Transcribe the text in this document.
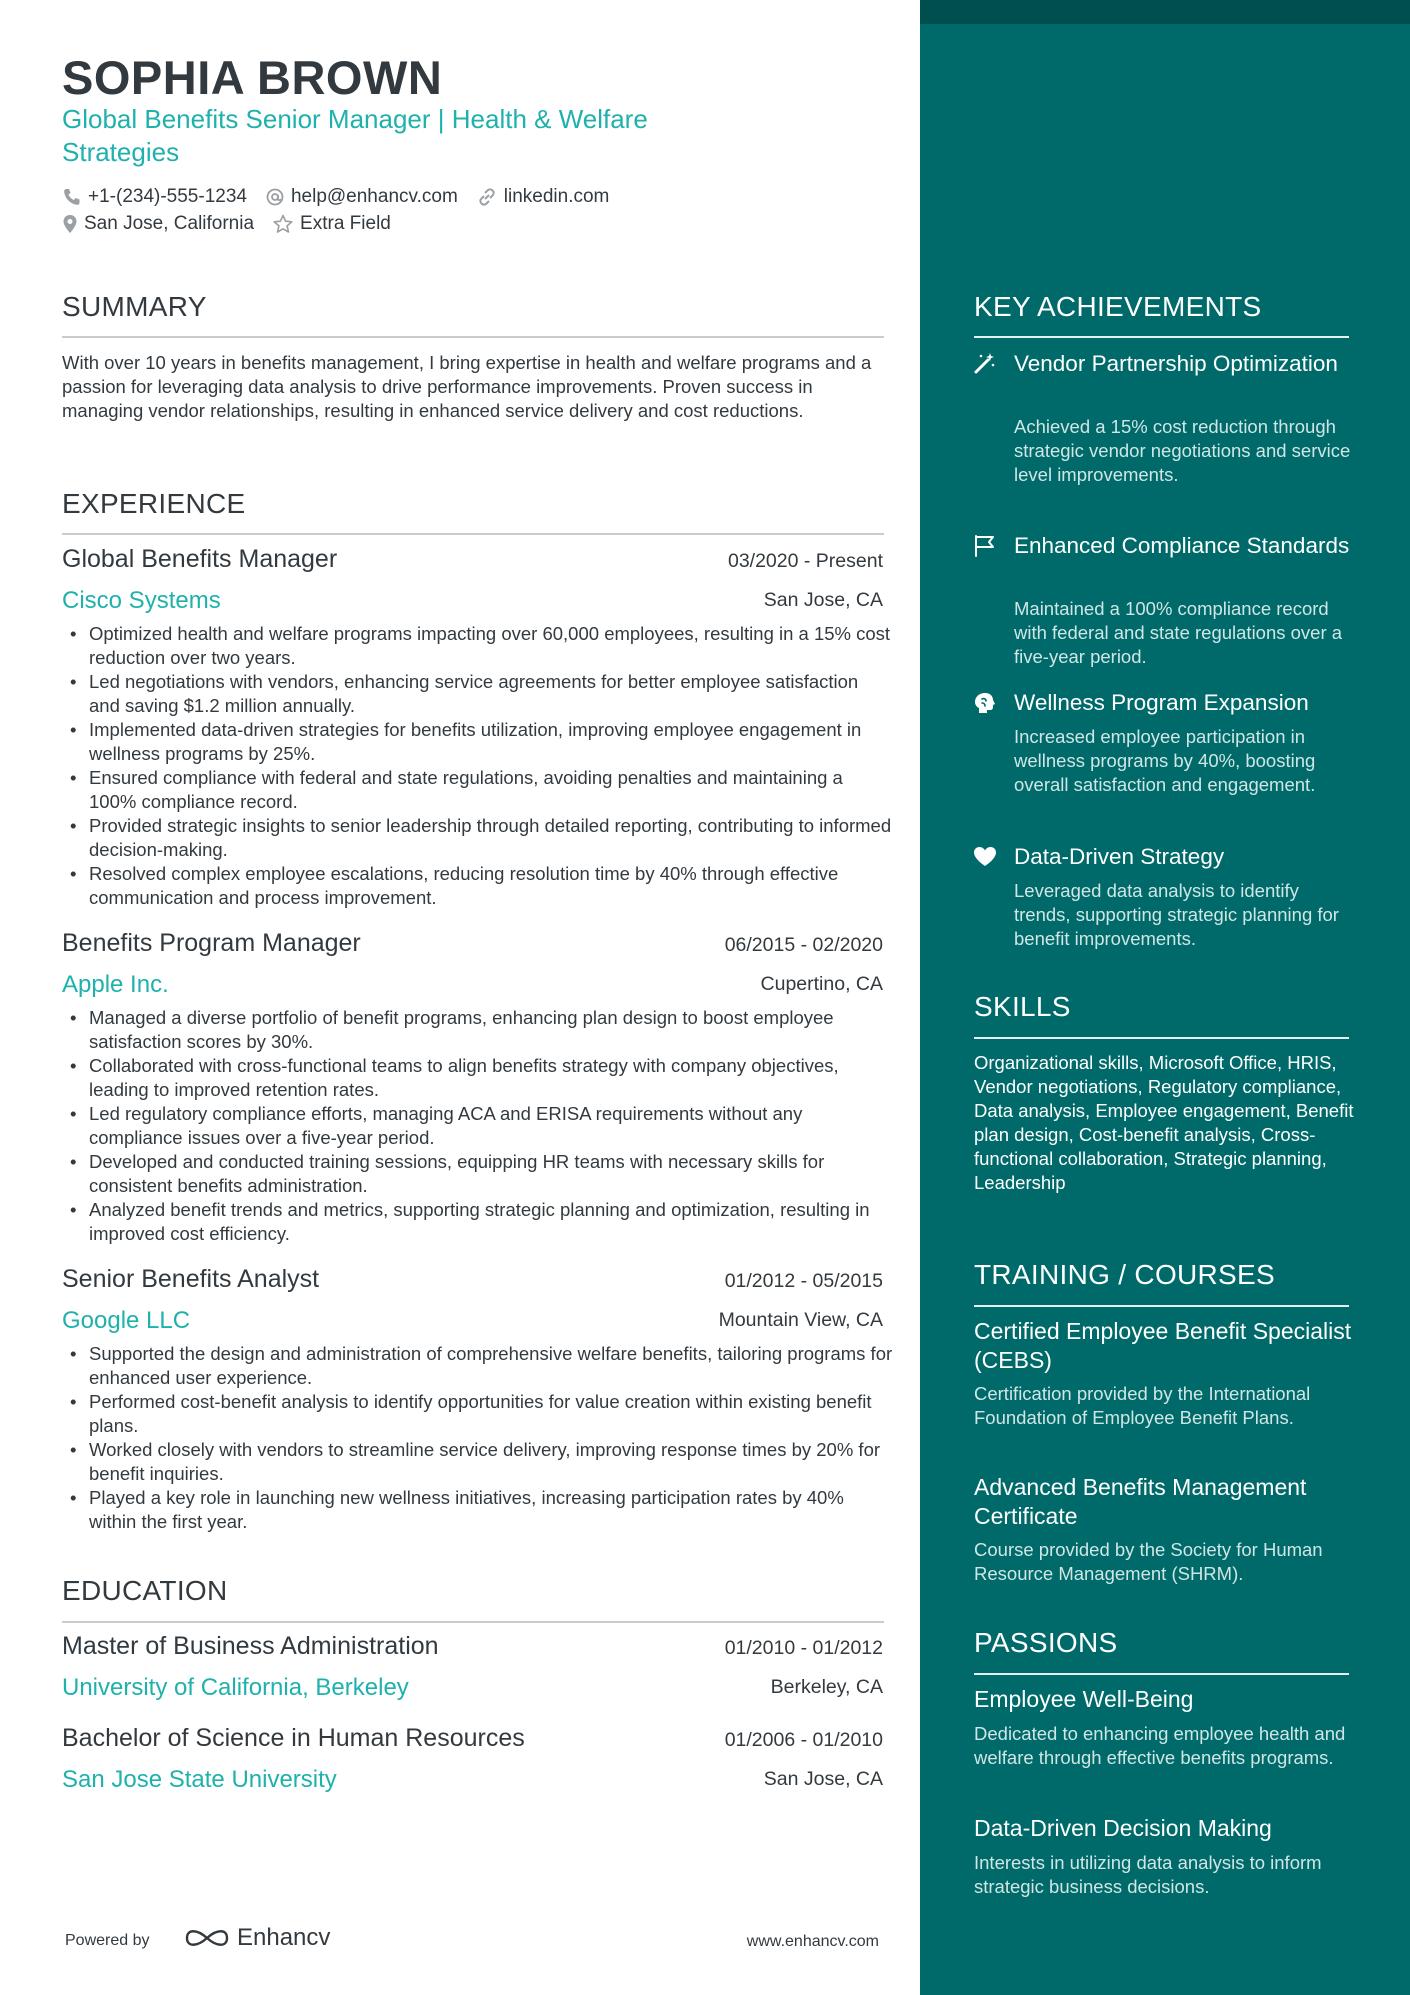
SOPHIA BROWN
Global Benefits Senior Manager | Health & Welfare Strategies
+1-(234)-555-1234 help@enhancv.com linkedin.com
San Jose, California Extra Field
SUMMARY
With over 10 years in benefits management, I bring expertise in health and welfare programs and a passion for leveraging data analysis to drive performance improvements. Proven success in managing vendor relationships, resulting in enhanced service delivery and cost reductions.
EXPERIENCE
Global Benefits Manager	03/2020 - Present
Cisco Systems	San Jose, CA
• Optimized health and welfare programs impacting over 60,000 employees, resulting in a 15% cost reduction over two years.
• Led negotiations with vendors, enhancing service agreements for better employee satisfaction and saving $1.2 million annually.
• Implemented data-driven strategies for benefits utilization, improving employee engagement in wellness programs by 25%.
• Ensured compliance with federal and state regulations, avoiding penalties and maintaining a 100% compliance record.
• Provided strategic insights to senior leadership through detailed reporting, contributing to informed decision-making.
• Resolved complex employee escalations, reducing resolution time by 40% through effective communication and process improvement.
Benefits Program Manager	06/2015 - 02/2020
Apple Inc.	Cupertino, CA
• Managed a diverse portfolio of benefit programs, enhancing plan design to boost employee satisfaction scores by 30%.
• Collaborated with cross-functional teams to align benefits strategy with company objectives, leading to improved retention rates.
• Led regulatory compliance efforts, managing ACA and ERISA requirements without any compliance issues over a five-year period.
• Developed and conducted training sessions, equipping HR teams with necessary skills for consistent benefits administration.
• Analyzed benefit trends and metrics, supporting strategic planning and optimization, resulting in improved cost efficiency.
Senior Benefits Analyst	01/2012 - 05/2015
Google LLC	Mountain View, CA
• Supported the design and administration of comprehensive welfare benefits, tailoring programs for enhanced user experience.
• Performed cost-benefit analysis to identify opportunities for value creation within existing benefit plans.
• Worked closely with vendors to streamline service delivery, improving response times by 20% for benefit inquiries.
• Played a key role in launching new wellness initiatives, increasing participation rates by 40% within the first year.
EDUCATION
Master of Business Administration	01/2010 - 01/2012
University of California, Berkeley	Berkeley, CA
Bachelor of Science in Human Resources	01/2006 - 01/2010
San Jose State University	San Jose, CA
Powered by	Enhancv	www.enhancv.com
KEY ACHIEVEMENTS
Vendor Partnership Optimization
Achieved a 15% cost reduction through strategic vendor negotiations and service level improvements.
Enhanced Compliance Standards
Maintained a 100% compliance record with federal and state regulations over a five-year period.
Wellness Program Expansion
Increased employee participation in wellness programs by 40%, boosting overall satisfaction and engagement.
Data-Driven Strategy
Leveraged data analysis to identify trends, supporting strategic planning for benefit improvements.
SKILLS
Organizational skills, Microsoft Office, HRIS, Vendor negotiations, Regulatory compliance, Data analysis, Employee engagement, Benefit plan design, Cost-benefit analysis, Cross-functional collaboration, Strategic planning, Leadership
TRAINING / COURSES
Certified Employee Benefit Specialist (CEBS)
Certification provided by the International Foundation of Employee Benefit Plans.
Advanced Benefits Management Certificate
Course provided by the Society for Human Resource Management (SHRM).
PASSIONS
Employee Well-Being
Dedicated to enhancing employee health and welfare through effective benefits programs.
Data-Driven Decision Making
Interests in utilizing data analysis to inform strategic business decisions.
